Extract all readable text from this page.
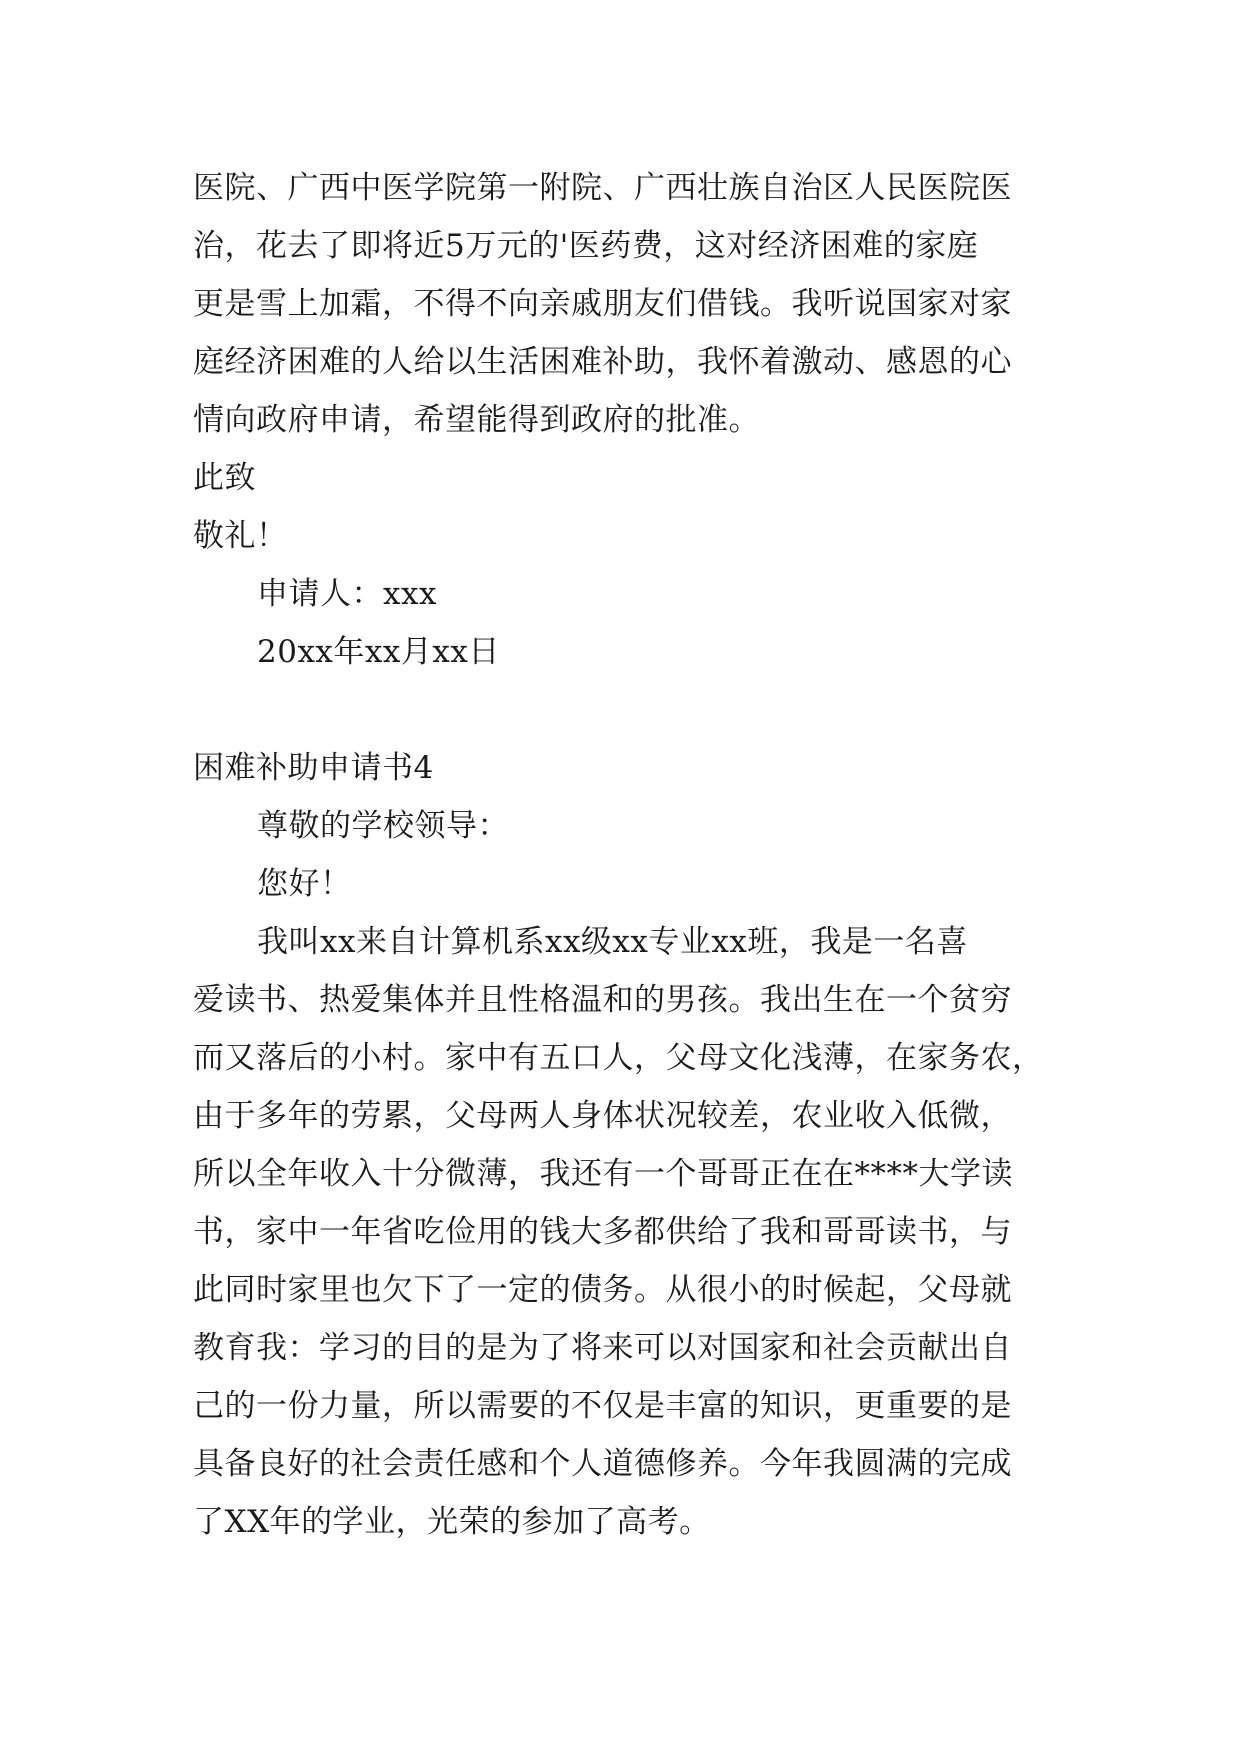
医院、广西中医学院第一附院、广西壮族自治区人民医院医
治，花去了即将近5万元的'医药费，这对经济困难的家庭
更是雪上加霜，不得不向亲戚朋友们借钱。我听说国家对家
庭经济困难的人给以生活困难补助，我怀着激动、感恩的心
情向政府申请，希望能得到政府的批准。
此致
敬礼！
申请人：xxx
20xx年xx月xx日
困难补助申请书4
尊敬的学校领导：
您好！
我叫xx来自计算机系xx级xx专业xx班，我是一名喜
爱读书、热爱集体并且性格温和的男孩。我出生在一个贫穷
而又落后的小村。家中有五口人，父母文化浅薄，在家务农，
由于多年的劳累，父母两人身体状况较差，农业收入低微，
所以全年收入十分微薄，我还有一个哥哥正在在****大学读
书，家中一年省吃俭用的钱大多都供给了我和哥哥读书，与
此同时家里也欠下了一定的债务。从很小的时候起，父母就
教育我：学习的目的是为了将来可以对国家和社会贡献出自
己的一份力量，所以需要的不仅是丰富的知识，更重要的是
具备良好的社会责任感和个人道德修养。今年我圆满的完成
了XX年的学业，光荣的参加了高考。
